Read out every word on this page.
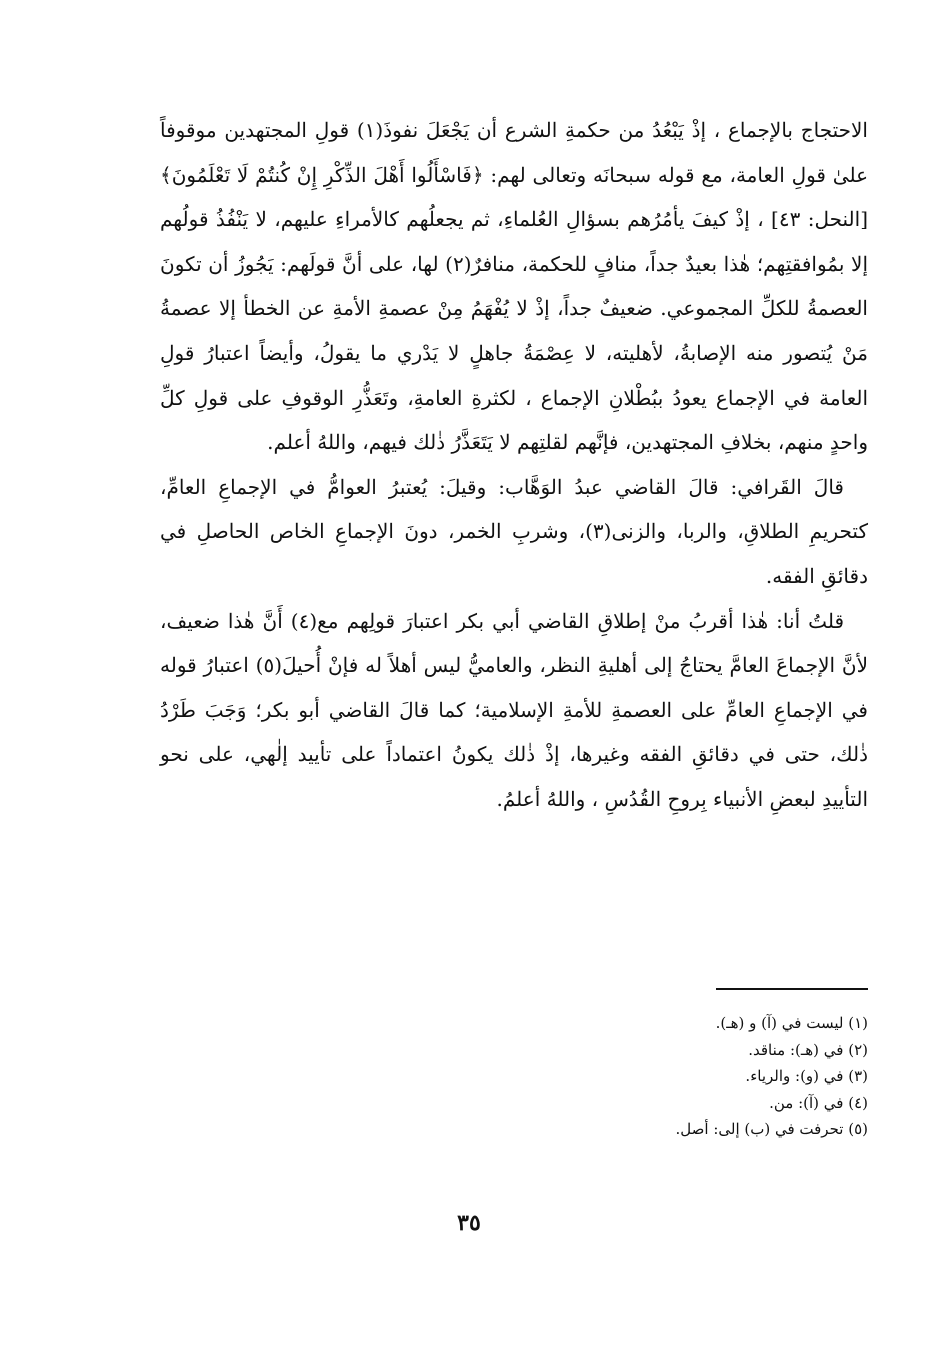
الاحتجاج بالإجماع ، إذْ يَبْعُدُ من حكمةِ الشرع أن يَجْعَلَ نفوذَ(١) قولِ المجتهدين موقوفاً علىٰ قولِ العامة، مع قوله سبحانَه وتعالى لهم: ﴿فَاسْأَلُوا أَهْلَ الذِّكْرِ إِنْ كُنتُمْ لَا تَعْلَمُونَ﴾ [النحل: ٤٣] ، إذْ كيفَ يأمُرُهم بسؤالِ العُلماءِ، ثم يجعلُهم كالأمراءِ عليهم، لا يَنْفُذُ قولُهم إلا بمُوافقتِهم؛ هٰذا بعيدٌ جداً، منافٍ للحكمة، منافرٌ(٢) لها، على أنَّ قولَهم: يَجُوزُ أن تكونَ العصمةُ للكلِّ المجموعي. ضعيفٌ جداً، إذْ لا يُفْهَمُ مِنْ عصمةِ الأمةِ عن الخطأ إلا عصمةُ مَنْ يُتصور منه الإصابةُ، لأهليته، لا عِصْمَةُ جاهلٍ لا يَدْري ما يقولُ، وأيضاً اعتبارُ قولِ العامة في الإجماع يعودُ ببُطْلانِ الإجماع ، لكثرةِ العامةِ، وتَعَذُّرِ الوقوفِ على قولِ كلِّ واحدٍ منهم، بخلافِ المجتهدين، فإنَّهم لقلتِهم لا يَتَعَذَّرُ ذٰلك فيهم، واللهُ أعلم.

قالَ القَرافي: قالَ القاضي عبدُ الوَهَّاب: وقيلَ: يُعتبرُ العوامُّ في الإجماعِ العامِّ، كتحريمِ الطلاقِ، والربا، والزنى(٣)، وشربِ الخمر، دونَ الإجماعِ الخاص الحاصلِ في دقائقِ الفقه.

قلتُ أنا: هٰذا أقربُ منْ إطلاقِ القاضي أبي بكر اعتبارَ قولِهم مع(٤) أَنَّ هٰذا ضعيف، لأنَّ الإجماعَ العامَّ يحتاجُ إلى أهليةِ النظر، والعاميُّ ليس أهلاً له فإنْ أُحيلَ(٥) اعتبارُ قوله في الإجماعِ العامِّ على العصمةِ للأمةِ الإسلامية؛ كما قالَ القاضي أبو بكر؛ وَجَبَ طَرْدُ ذٰلك، حتى في دقائقِ الفقه وغيرها، إذْ ذٰلك يكونُ اعتماداً على تأييد إلٰهي، على نحو التأييدِ لبعضِ الأنبياء بِروحِ القُدُسِ ، واللهُ أعلمُ.

(١) ليست في (آ) و (هـ).
(٢) في (هـ): مناقد.
(٣) في (و): والرياء.
(٤) في (آ): من.
(٥) تحرفت في (ب) إلى: أصل.
٣٥
